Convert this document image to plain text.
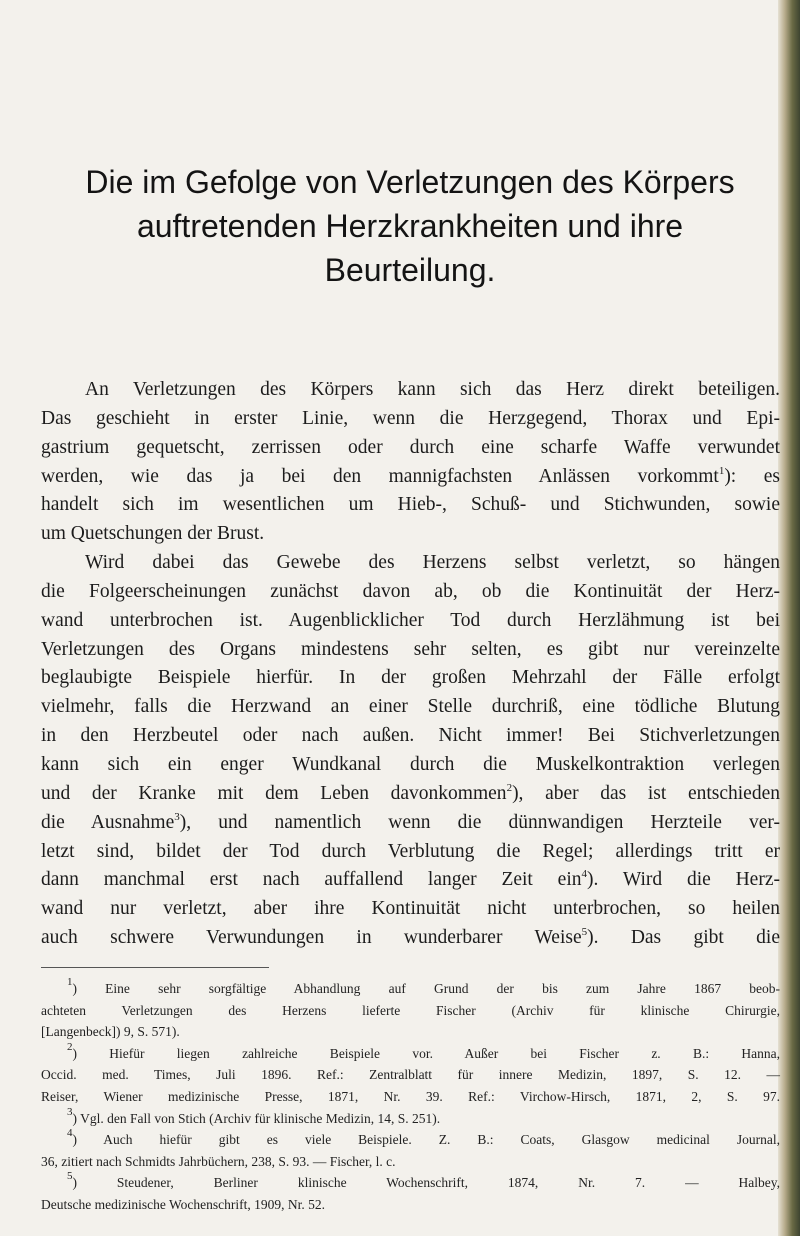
Die im Gefolge von Verletzungen des Körpers
auftretenden Herzkrankheiten und ihre
Beurteilung.
An Verletzungen des Körpers kann sich das Herz direkt beteiligen.
Das geschieht in erster Linie, wenn die Herzgegend, Thorax und Epi-
gastrium gequetscht, zerrissen oder durch eine scharfe Waffe verwundet
werden, wie das ja bei den mannigfachsten Anlässen vorkommt$^1$): es
handelt sich im wesentlichen um Hieb-, Schuß- und Stichwunden, sowie
um Quetschungen der Brust.
Wird dabei das Gewebe des Herzens selbst verletzt, so hängen
die Folgeerscheinungen zunächst davon ab, ob die Kontinuität der Herz-
wand unterbrochen ist. Augenblicklicher Tod durch Herzlähmung ist bei
Verletzungen des Organs mindestens sehr selten, es gibt nur vereinzelte
beglaubigte Beispiele hierfür. In der großen Mehrzahl der Fälle erfolgt
vielmehr, falls die Herzwand an einer Stelle durchriß, eine tödliche Blutung
in den Herzbeutel oder nach außen. Nicht immer! Bei Stichverletzungen
kann sich ein enger Wundkanal durch die Muskelkontraktion verlegen
und der Kranke mit dem Leben davonkommen$^2$), aber das ist entschieden
die Ausnahme$^3$), und namentlich wenn die dünnwandigen Herzteile ver-
letzt sind, bildet der Tod durch Verblutung die Regel; allerdings tritt er
dann manchmal erst nach auffallend langer Zeit ein$^4$). Wird die Herz-
wand nur verletzt, aber ihre Kontinuität nicht unterbrochen, so heilen
auch schwere Verwundungen in wunderbarer Weise$^5$). Das gibt die
$^1$) Eine sehr sorgfältige Abhandlung auf Grund der bis zum Jahre 1867 beob-
achteten Verletzungen des Herzens lieferte Fischer (Archiv für klinische Chirurgie,
[Langenbeck]) 9, S. 571).
$^2$) Hiefür liegen zahlreiche Beispiele vor. Außer bei Fischer z. B.: Hanna,
Occid. med. Times, Juli 1896. Ref.: Zentralblatt für innere Medizin, 1897, S. 12. —
Reiser, Wiener medizinische Presse, 1871, Nr. 39. Ref.: Virchow-Hirsch, 1871, 2, S. 97.
$^3$) Vgl. den Fall von Stich (Archiv für klinische Medizin, 14, S. 251).
$^4$) Auch hiefür gibt es viele Beispiele. Z. B.: Coats, Glasgow medicinal Journal,
36, zitiert nach Schmidts Jahrbüchern, 238, S. 93. — Fischer, l. c.
$^5$) Steudener, Berliner klinische Wochenschrift, 1874, Nr. 7. — Halbey,
Deutsche medizinische Wochenschrift, 1909, Nr. 52.
